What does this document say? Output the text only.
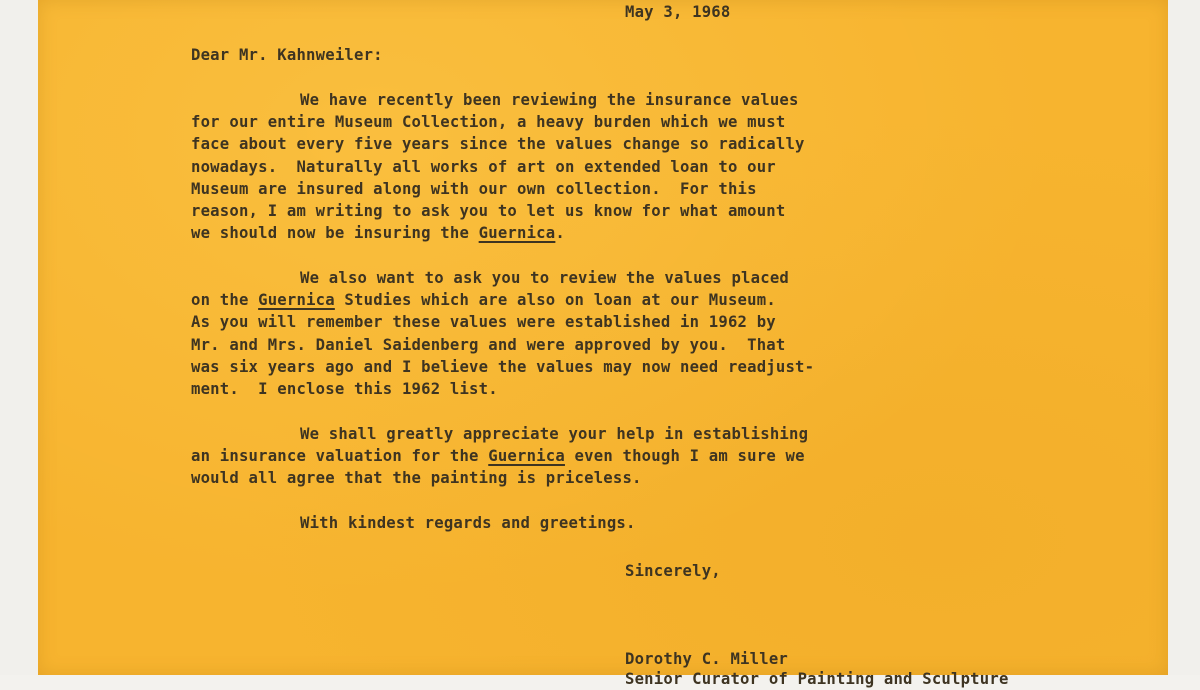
May 3, 1968
Dear Mr. Kahnweiler:
We have recently been reviewing the insurance values
for our entire Museum Collection, a heavy burden which we must
face about every five years since the values change so radically
nowadays.  Naturally all works of art on extended loan to our
Museum are insured along with our own collection.  For this
reason, I am writing to ask you to let us know for what amount
we should now be insuring the Guernica.
We also want to ask you to review the values placed
on the Guernica Studies which are also on loan at our Museum.
As you will remember these values were established in 1962 by
Mr. and Mrs. Daniel Saidenberg and were approved by you.  That
was six years ago and I believe the values may now need readjust-
ment.  I enclose this 1962 list.
We shall greatly appreciate your help in establishing
an insurance valuation for the Guernica even though I am sure we
would all agree that the painting is priceless.
With kindest regards and greetings.
Sincerely,
Dorothy C. Miller
Senior Curator of Painting and Sculpture
